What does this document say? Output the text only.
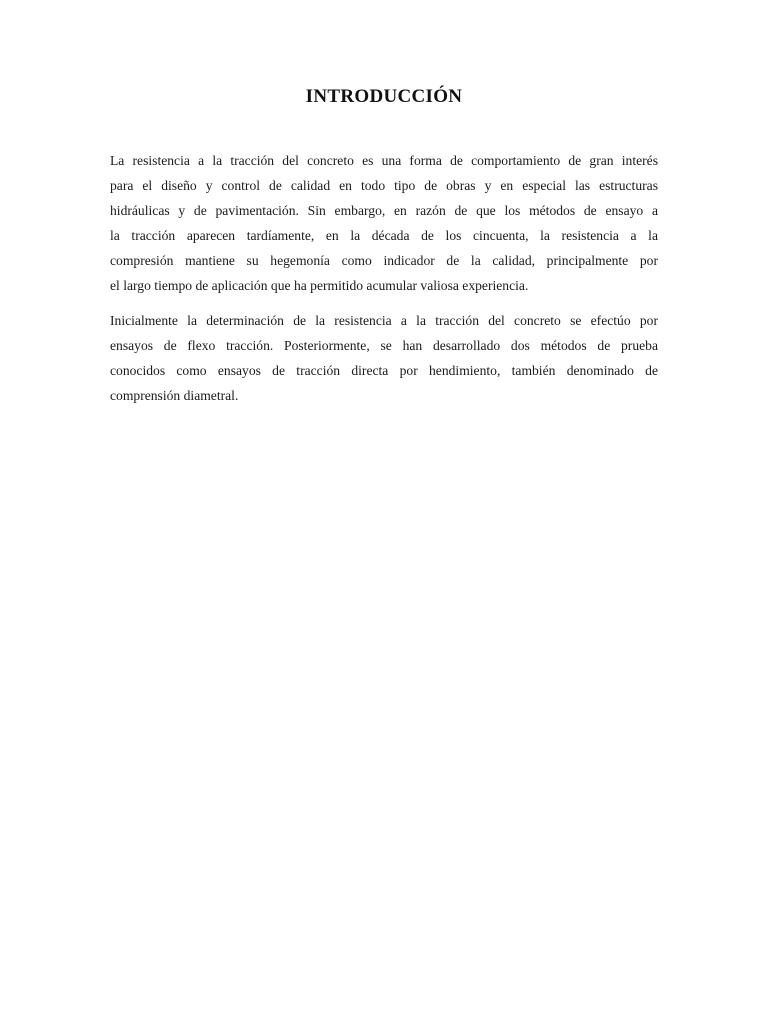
INTRODUCCIÓN
La resistencia a la tracción del concreto es una forma de comportamiento de gran interés
para el diseño y control de calidad en todo tipo de obras y en especial las estructuras
hidráulicas y de pavimentación. Sin embargo, en razón de que los métodos de ensayo a
la tracción aparecen tardíamente, en la década de los cincuenta, la resistencia a la
compresión mantiene su hegemonía como indicador de la calidad, principalmente por
el largo tiempo de aplicación que ha permitido acumular valiosa experiencia.
Inicialmente la determinación de la resistencia a la tracción del concreto se efectúo por
ensayos de flexo tracción. Posteriormente, se han desarrollado dos métodos de prueba
conocidos como ensayos de tracción directa por hendimiento, también denominado de
comprensión diametral.
